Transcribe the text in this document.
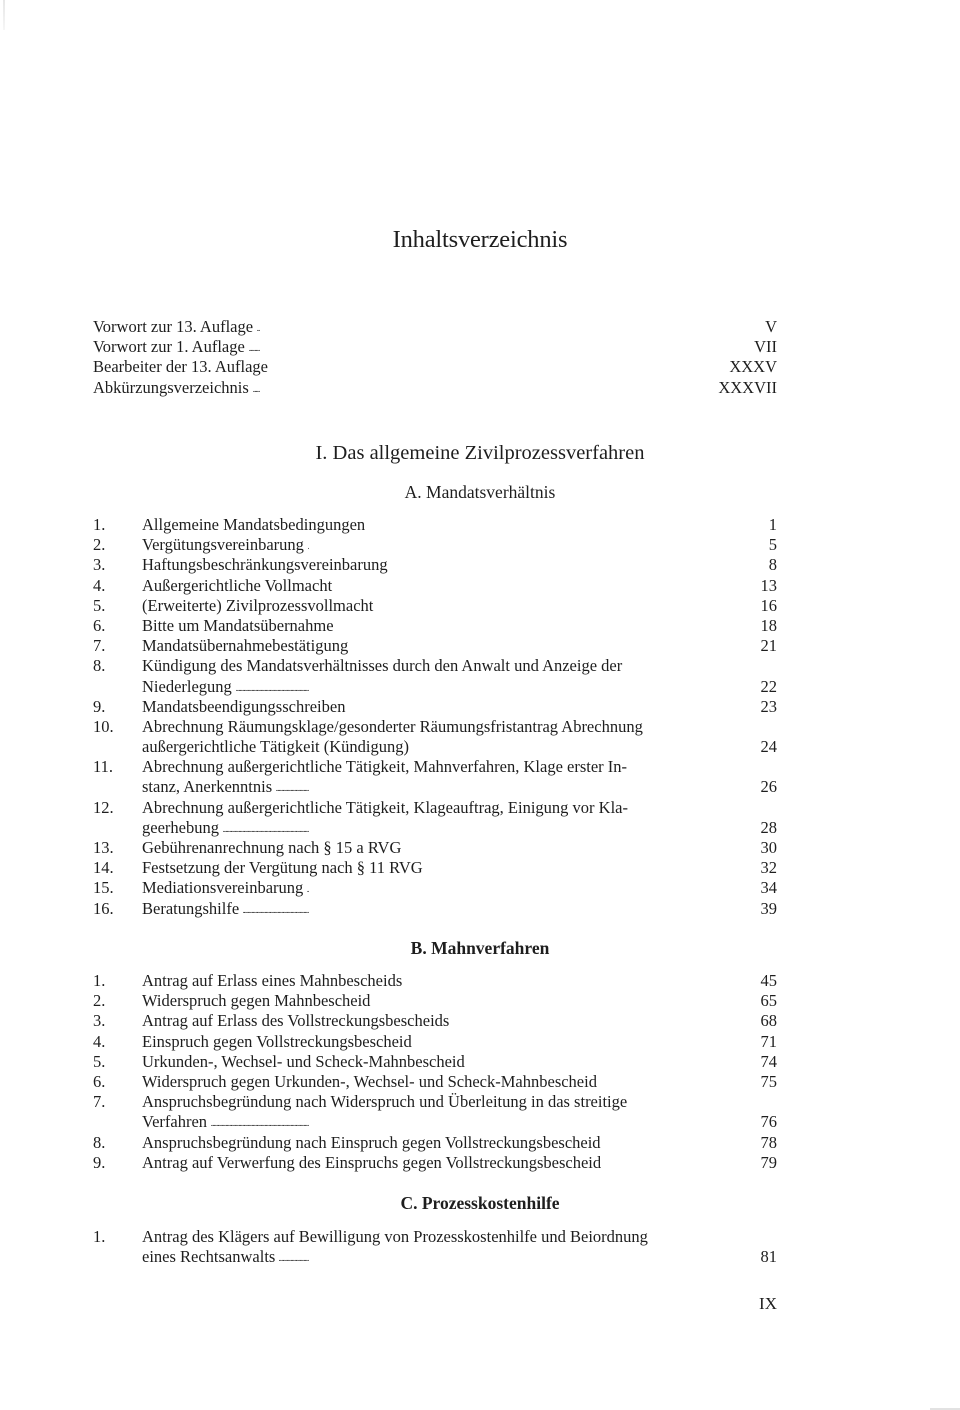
Inhaltsverzeichnis
Vorwort zur 13. Auflage . . .	V
Vorwort zur 1. Auflage . . .	VII
Bearbeiter der 13. Auflage . . .	XXXV
Abkürzungsverzeichnis . . .	XXXVII
I. Das allgemeine Zivilprozessverfahren
A. Mandatsverhältnis
1. Allgemeine Mandatsbedingungen . . .	1
2. Vergütungsvereinbarung . . .	5
3. Haftungsbeschränkungsvereinbarung . . .	8
4. Außergerichtliche Vollmacht . . .	13
5. (Erweiterte) Zivilprozessvollmacht . . .	16
6. Bitte um Mandatsübernahme . . .	18
7. Mandatsübernahmebestätigung . . .	21
8. Kündigung des Mandatsverhältnisses durch den Anwalt und Anzeige der
Niederlegung . . .	22
9. Mandatsbeendigungsschreiben . . .	23
10. Abrechnung Räumungsklage/gesonderter Räumungsfristantrag Abrechnung
außergerichtliche Tätigkeit (Kündigung) . . .	24
11. Abrechnung außergerichtliche Tätigkeit, Mahnverfahren, Klage erster In-
stanz, Anerkenntnis . . .	26
12. Abrechnung außergerichtliche Tätigkeit, Klageauftrag, Einigung vor Kla-
geerhebung . . .	28
13. Gebührenanrechnung nach § 15 a RVG . . .	30
14. Festsetzung der Vergütung nach § 11 RVG . . .	32
15. Mediationsvereinbarung . . .	34
16. Beratungshilfe . . .	39
B. Mahnverfahren
1. Antrag auf Erlass eines Mahnbescheids . . .	45
2. Widerspruch gegen Mahnbescheid . . .	65
3. Antrag auf Erlass des Vollstreckungsbescheids . . .	68
4. Einspruch gegen Vollstreckungsbescheid . . .	71
5. Urkunden-, Wechsel- und Scheck-Mahnbescheid . . .	74
6. Widerspruch gegen Urkunden-, Wechsel- und Scheck-Mahnbescheid . . .	75
7. Anspruchsbegründung nach Widerspruch und Überleitung in das streitige
Verfahren . . .	76
8. Anspruchsbegründung nach Einspruch gegen Vollstreckungsbescheid . . .	78
9. Antrag auf Verwerfung des Einspruchs gegen Vollstreckungsbescheid . . .	79
C. Prozesskostenhilfe
1. Antrag des Klägers auf Bewilligung von Prozesskostenhilfe und Beiordnung
eines Rechtsanwalts . . .	81
IX
